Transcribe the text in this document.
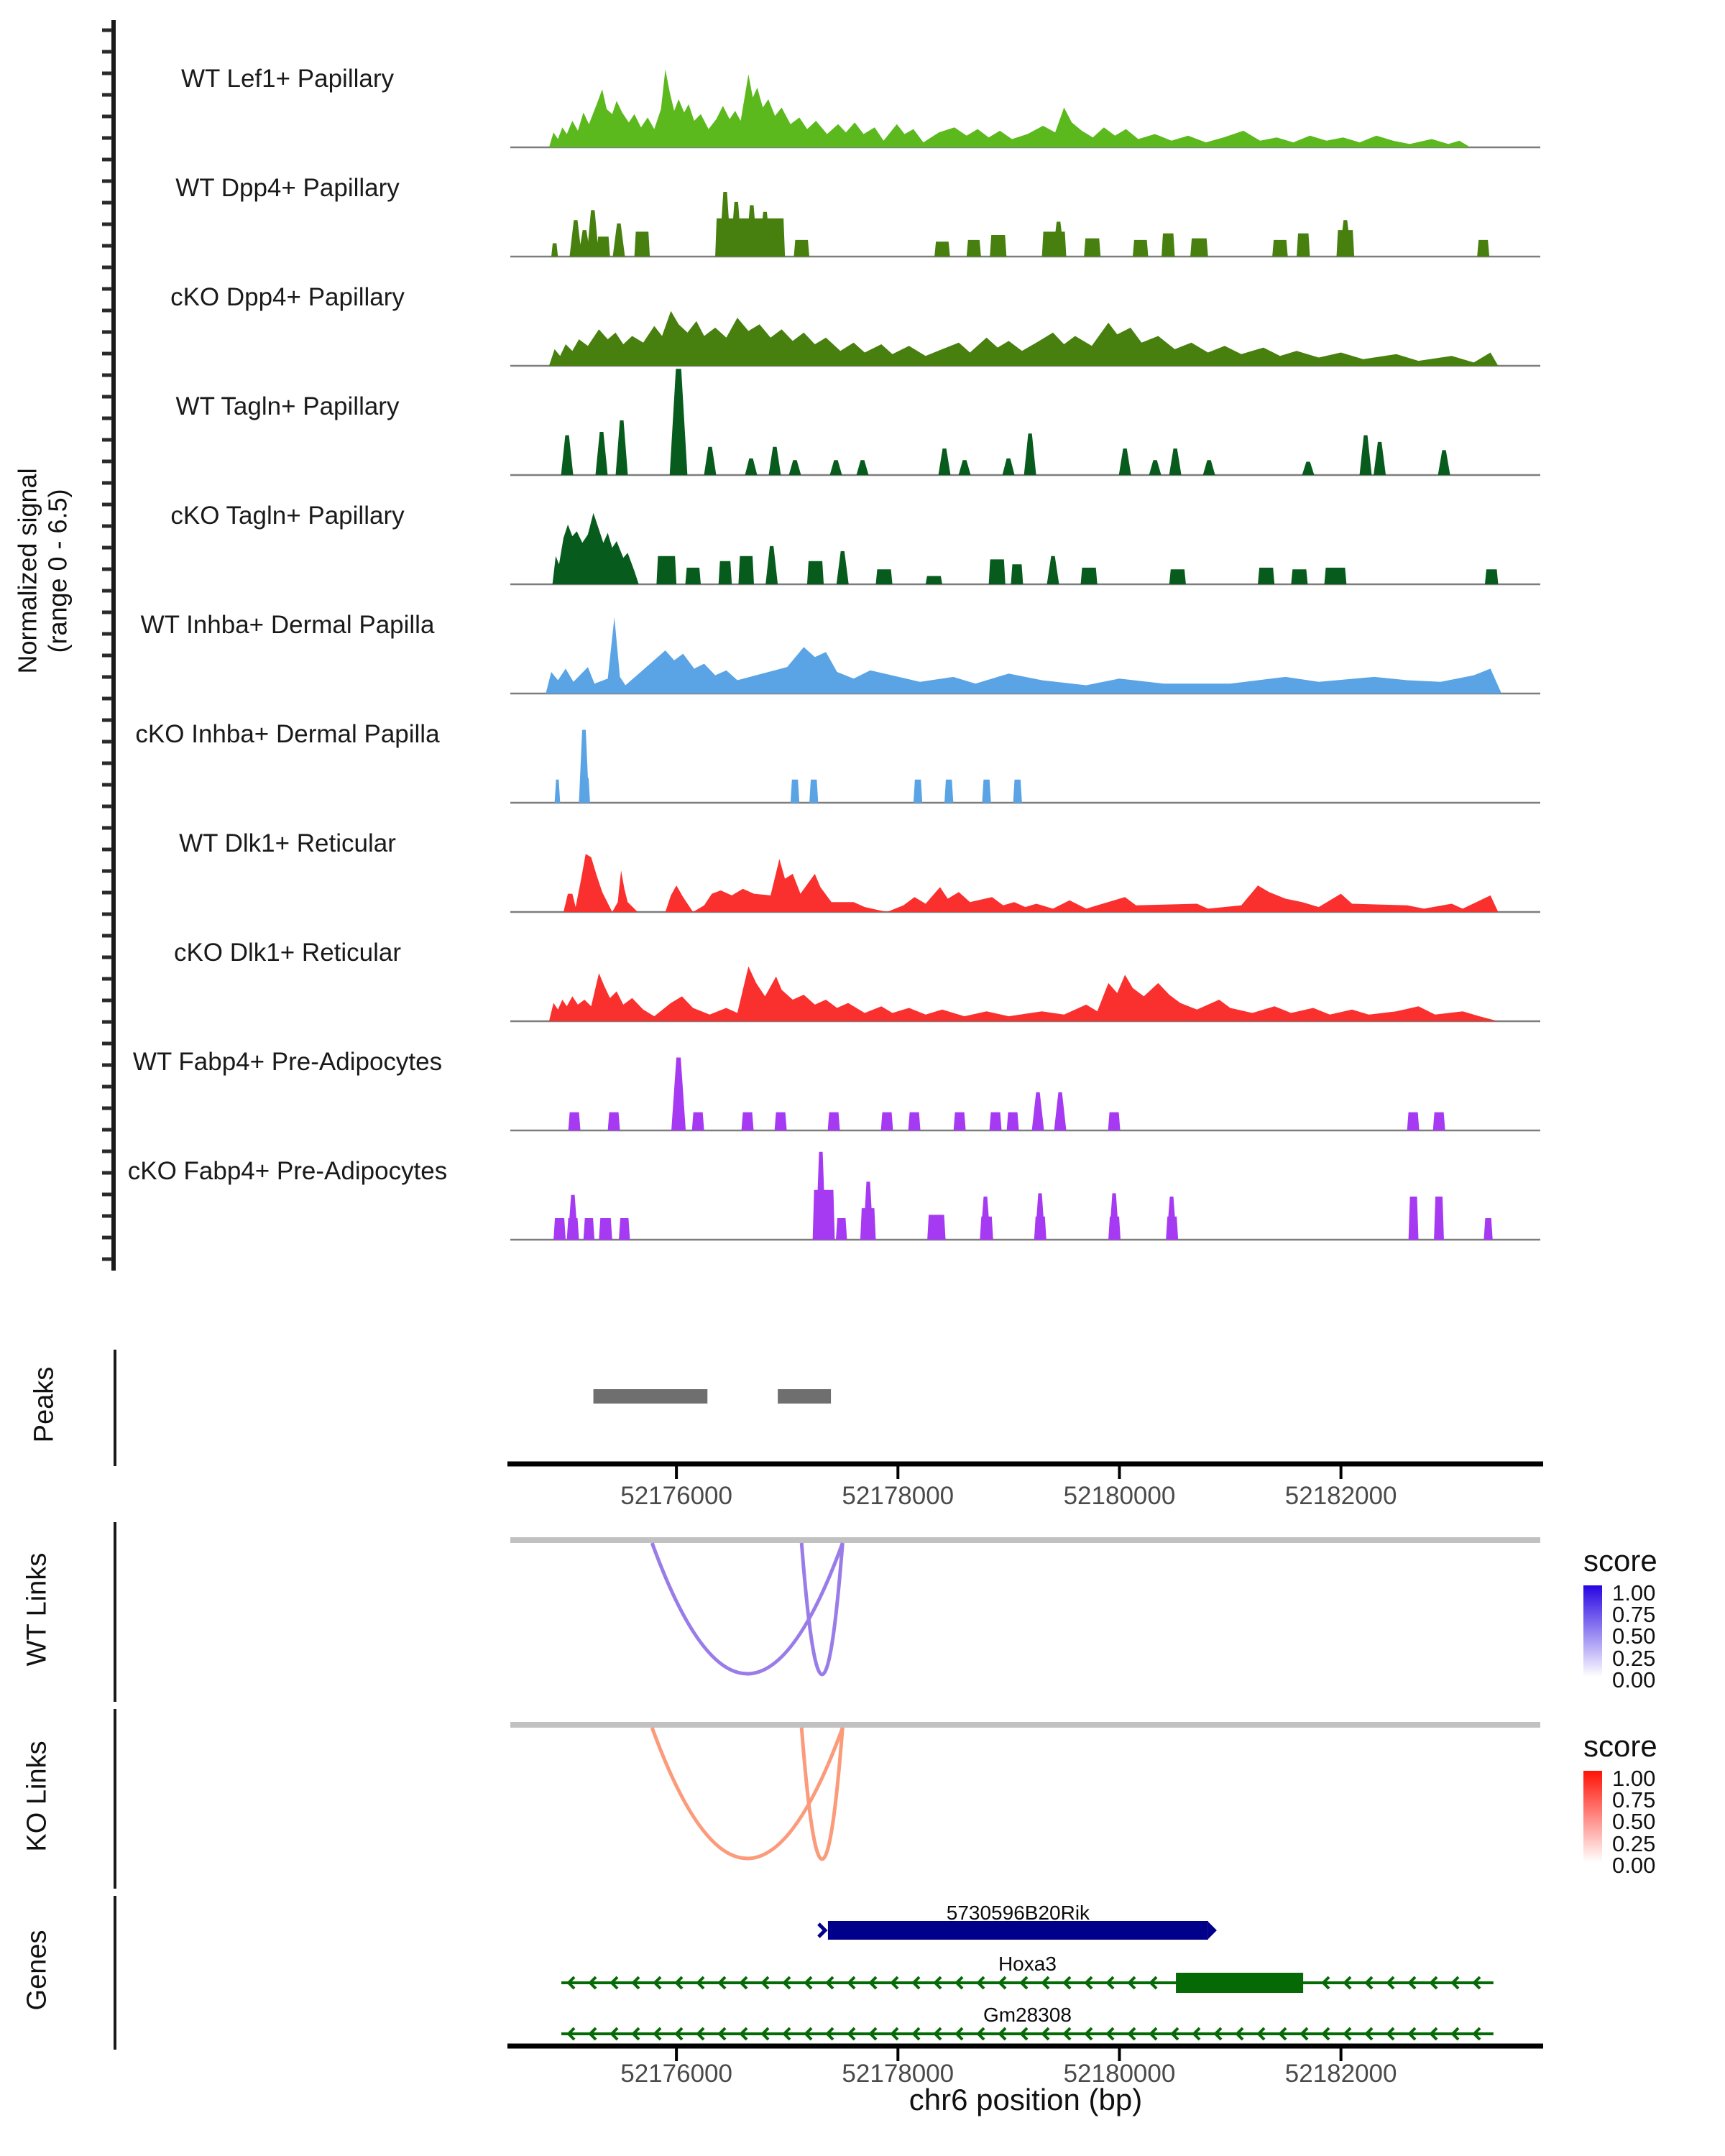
Normalized signal (range 0 - 6.5)
Peaks
WT Links
KO Links
Genes
score
score
chr6 position (bp)
WT Lef1+ Papillary
WT Dpp4+ Papillary
cKO Dpp4+ Papillary
WT Tagln+ Papillary
cKO Tagln+ Papillary
WT Inhba+ Dermal Papilla
cKO Inhba+ Dermal Papilla
WT Dlk1+ Reticular
cKO Dlk1+ Reticular
WT Fabp4+ Pre-Adipocytes
cKO Fabp4+ Pre-Adipocytes
52176000	52178000	52180000	52182000
52176000	52178000	52180000	52182000
1.00
0.75
0.50
0.25
0.00
1.00
0.75
0.50
0.25
0.00
5730596B20Rik
Hoxa3
Gm28308
